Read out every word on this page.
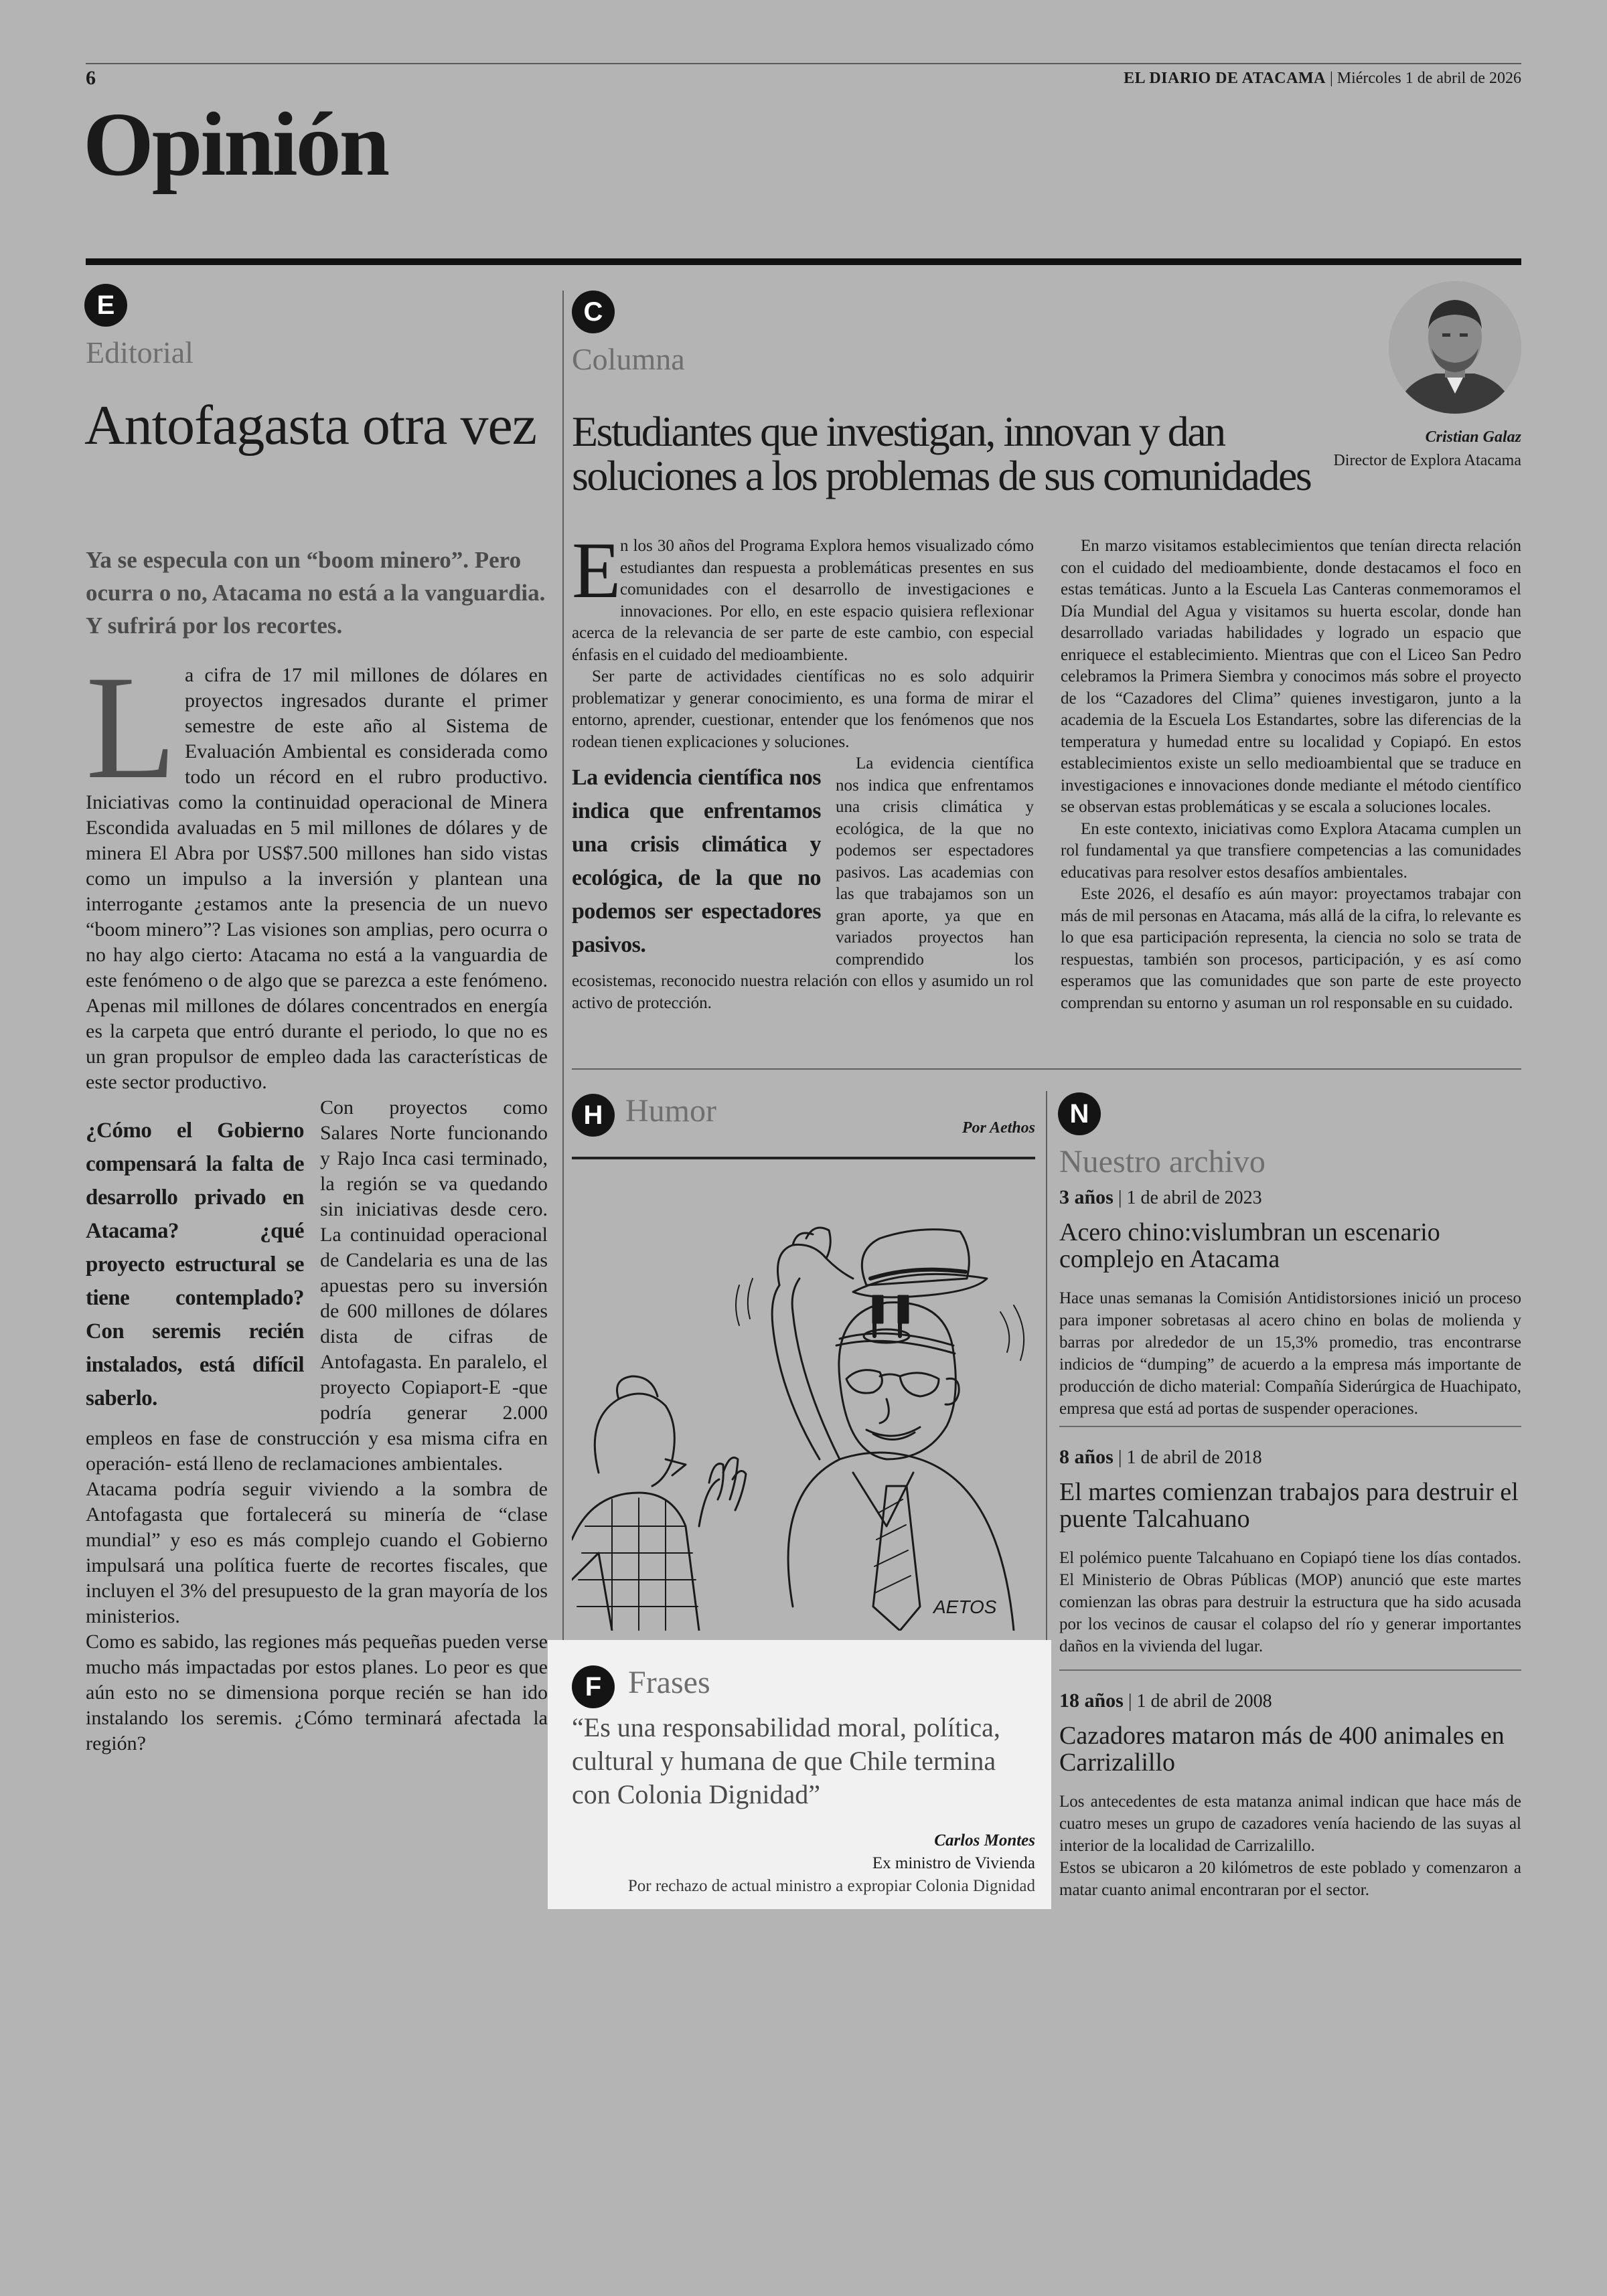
6	EL DIARIO DE ATACAMA | Miércoles 1 de abril de 2026
Opinión
E
Editorial
Antofagasta otra vez
Ya se especula con un “boom minero”. Pero ocurra o no, Atacama no está a la vanguardia. Y sufrirá por los recortes.
L a cifra de 17 mil millones de dólares en proyectos ingresados durante el primer semestre de este año al Sistema de Evaluación Ambiental es considerada como todo un récord en el rubro productivo. Iniciativas como la continuidad operacional de Minera Escondida avaluadas en 5 mil millones de dólares y de minera El Abra por US$7.500 millones han sido vistas como un impulso a la inversión y plantean una interrogante ¿estamos ante la presencia de un nuevo “boom minero”? Las visiones son amplias, pero ocurra o no hay algo cierto: Atacama no está a la vanguardia de este fenómeno o de algo que se parezca a este fenómeno. Apenas mil millones de dólares concentrados en energía es la carpeta que entró durante el periodo, lo que no es un gran propulsor de empleo dada las características de este sector productivo.

¿Cómo el Gobierno compensará la falta de desarrollo privado en Atacama? ¿qué proyecto estructural se tiene contemplado? Con seremis recién instalados, está difícil saberlo.

Con proyectos como Salares Norte funcionando y Rajo Inca casi terminado, la región se va quedando sin iniciativas desde cero. La continuidad operacional de Candelaria es una de las apuestas pero su inversión de 600 millones de dólares dista de cifras de Antofagasta. En paralelo, el proyecto Copiaport-E -que podría generar 2.000 empleos en fase de construcción y esa misma cifra en operación- está lleno de reclamaciones ambientales.

Atacama podría seguir viviendo a la sombra de Antofagasta que fortalecerá su minería de “clase mundial” y eso es más complejo cuando el Gobierno impulsará una política fuerte de recortes fiscales, que incluyen el 3% del presupuesto de la gran mayoría de los ministerios.

Como es sabido, las regiones más pequeñas pueden verse mucho más impactadas por estos planes. Lo peor es que aún esto no se dimensiona porque recién se han ido instalando los seremis. ¿Cómo terminará afectada la región?

C
Columna
Estudiantes que investigan, innovan y dan soluciones a los problemas de sus comunidades
Cristian Galaz
Director de Explora Atacama
E

n los 30 años del Programa Explora hemos visualizado cómo estudiantes dan respuesta a problemáticas presentes en sus comunidades con el desarrollo de investigaciones e innovaciones. Por ello, en este espacio quisiera reflexionar acerca de la relevancia de ser parte de este cambio, con especial énfasis en el cuidado del medioambiente.

Ser parte de actividades científicas no es solo adquirir problematizar y generar conocimiento, es una forma de mirar el entorno, aprender, cuestionar, entender que los fenómenos que nos rodean tienen explicaciones y soluciones.

La evidencia científica nos indica que enfrentamos una crisis climática y ecológica, de la que no podemos ser espectadores pasivos.

La evidencia científica nos indica que enfrentamos una crisis climática y ecológica, de la que no podemos ser espectadores pasivos. Las academias con las que trabajamos son un gran aporte, ya que en variados proyectos han comprendido los ecosistemas, reconocido nuestra relación con ellos y asumido un rol activo de protección.

En marzo visitamos establecimientos que tenían directa relación con el cuidado del medioambiente, donde destacamos el foco en estas temáticas. Junto a la Escuela Las Canteras conmemoramos el Día Mundial del Agua y visitamos su huerta escolar, donde han desarrollado variadas habilidades y logrado un espacio que enriquece el establecimiento. Mientras que con el Liceo San Pedro celebramos la Primera Siembra y conocimos más sobre el proyecto de los “Cazadores del Clima” quienes investigaron, junto a la academia de la Escuela Los Estandartes, sobre las diferencias de la temperatura y humedad entre su localidad y Copiapó. En estos establecimientos existe un sello medioambiental que se traduce en investigaciones e innovaciones donde mediante el método científico se observan estas problemáticas y se escala a soluciones locales.

En este contexto, iniciativas como Explora Atacama cumplen un rol fundamental ya que transfiere competencias a las comunidades educativas para resolver estos desafíos ambientales.

Este 2026, el desafío es aún mayor: proyectamos trabajar con más de mil personas en Atacama, más allá de la cifra, lo relevante es lo que esa participación representa, la ciencia no solo se trata de respuestas, también son procesos, participación, y es así como esperamos que las comunidades que son parte de este proyecto comprendan su entorno y asuman un rol responsable en su cuidado.

H Humor	Por Aethos
AETOS
F Frases
“Es una responsabilidad moral, política, cultural y humana de que Chile termina con Colonia Dignidad”
Carlos Montes
Ex ministro de Vivienda
Por rechazo de actual ministro a expropiar Colonia Dignidad
N
Nuestro archivo
3 años | 1 de abril de 2023
Acero chino:vislumbran un escenario complejo en Atacama
Hace unas semanas la Comisión Antidistorsiones inició un proceso para imponer sobretasas al acero chino en bolas de molienda y barras por alrededor de un 15,3% promedio, tras encontrarse indicios de “dumping” de acuerdo a la empresa más importante de producción de dicho material: Compañía Siderúrgica de Huachipato, empresa que está ad portas de suspender operaciones.
8 años | 1 de abril de 2018
El martes comienzan trabajos para destruir el puente Talcahuano
El polémico puente Talcahuano en Copiapó tiene los días contados. El Ministerio de Obras Públicas (MOP) anunció que este martes comienzan las obras para destruir la estructura que ha sido acusada por los vecinos de causar el colapso del río y generar importantes daños en la vivienda del lugar.
18 años | 1 de abril de 2008
Cazadores mataron más de 400 animales en Carrizalillo
Los antecedentes de esta matanza animal indican que hace más de cuatro meses un grupo de cazadores venía haciendo de las suyas al interior de la localidad de Carrizalillo.
Estos se ubicaron a 20 kilómetros de este poblado y comenzaron a matar cuanto animal encontraran por el sector.
